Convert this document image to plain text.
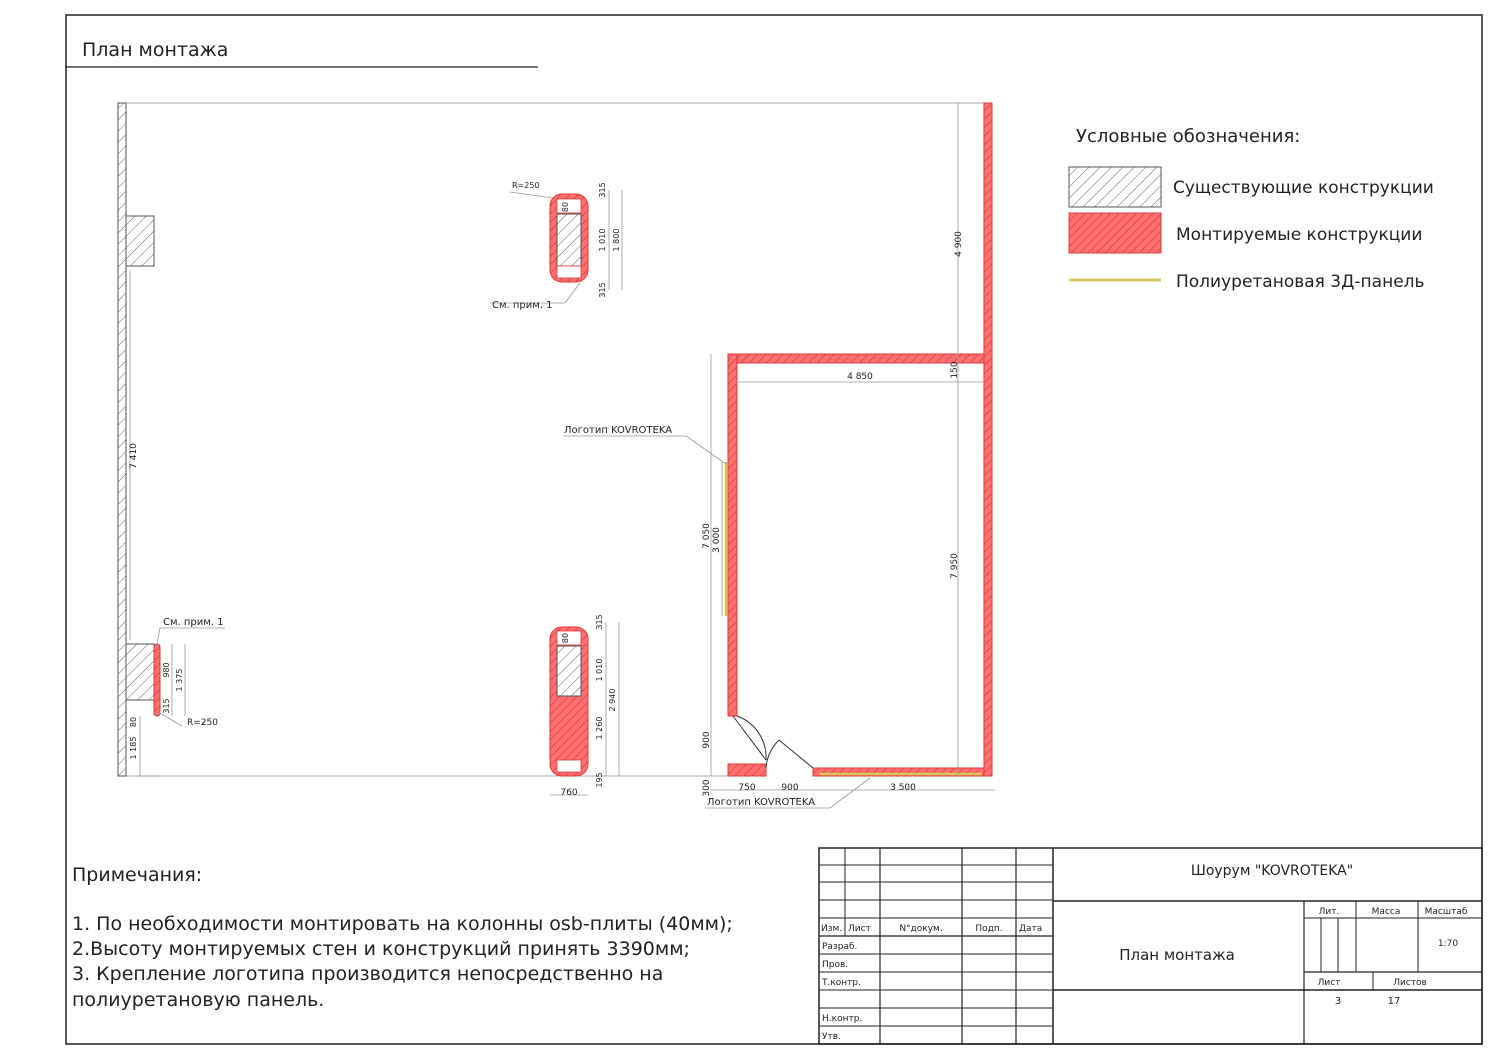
План монтажа
4 900
150
4 850
7 950
7 410
7 050 3 000
900
300	750	900	3 500
315
1 010 1 800
315
80
R=250
315
1 010
1 260
2 940
195
80
760
980 1 375
315
80
1 185
R=250
См. прим. 1
См. прим. 1
Логотип KOVROTEKA
Логотип KOVROTEKA
Условные обозначения:
Существующие конструкции
Монтируемые конструкции
Полиуретановая 3Д-панель
Примечания:
1. По необходимости монтировать на колонны osb-плиты (40мм);
2.Высоту монтируемых стен и конструкций принять 3390мм;
3. Крепление логотипа производится непосредственно на
полиуретановую панель.
Шоурум "KOVROTEKA"
План монтажа
Изм. Лист	N°докум.	Подп. Дата
Разраб.
Пров.
Т.контр.
Н.контр.
Утв.
Лит.	Масса	Масштаб
1:70
Лист	Листов
3	17
